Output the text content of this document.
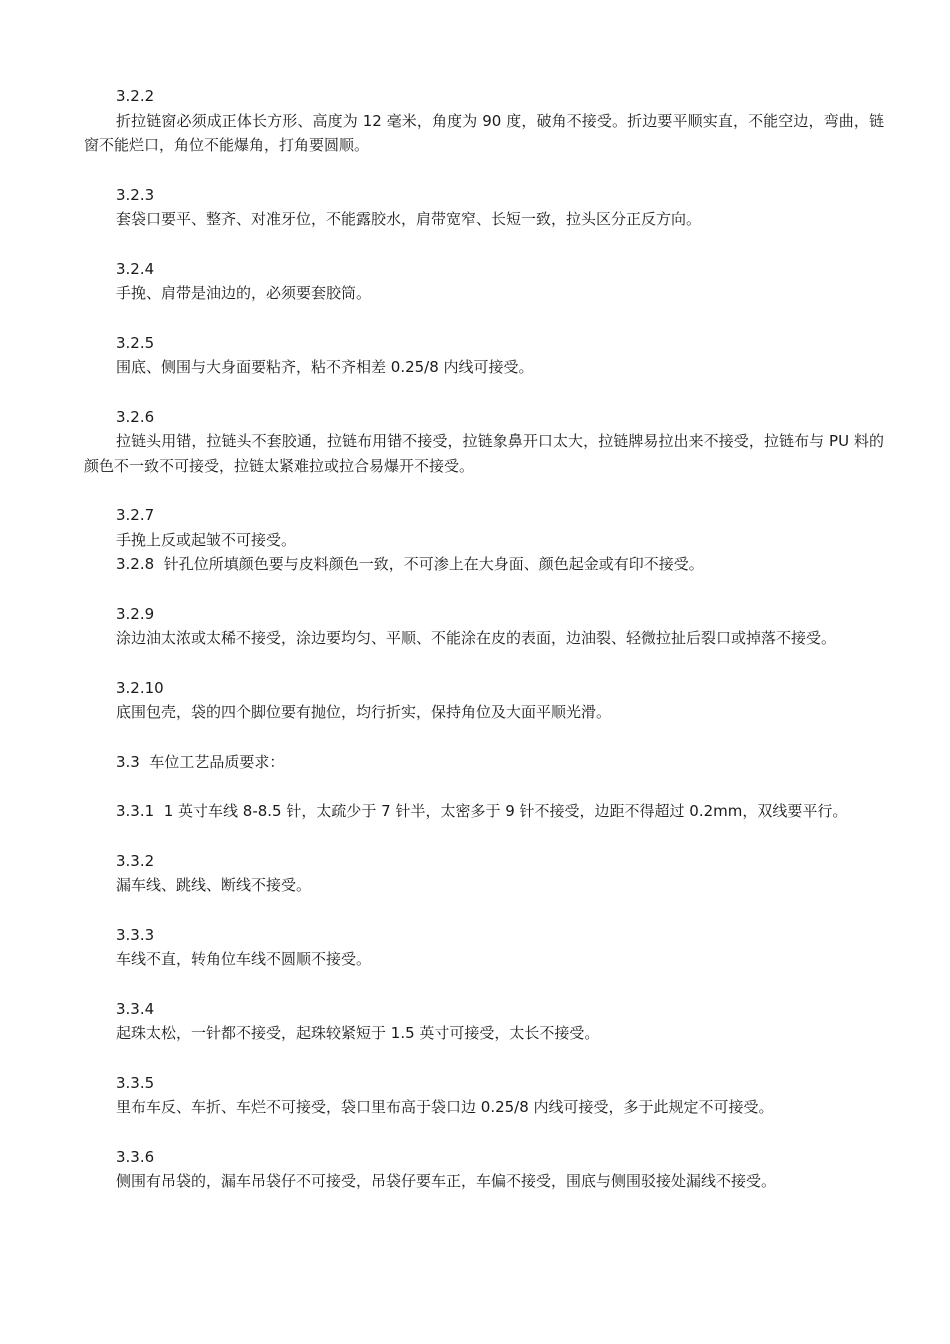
3.2.2

折拉链窗必须成正体长方形、高度为 12 毫米，角度为 90 度，破角不接受。折边要平顺实直，不能空边，弯曲，链窗不能烂口，角位不能爆角，打角要圆顺。

3.2.3

套袋口要平、整齐、对准牙位，不能露胶水，肩带宽窄、长短一致，拉头区分正反方向。

3.2.4

手挽、肩带是油边的，必须要套胶筒。

3.2.5

围底、侧围与大身面要粘齐，粘不齐相差 0.25/8 内线可接受。

3.2.6

拉链头用错，拉链头不套胶通，拉链布用错不接受，拉链象鼻开口太大，拉链牌易拉出来不接受，拉链布与 PU 料的颜色不一致不可接受，拉链太紧难拉或拉合易爆开不接受。

3.2.7

手挽上反或起皱不可接受。

3.2.8  针孔位所填颜色要与皮料颜色一致，不可渗上在大身面、颜色起金或有印不接受。

3.2.9

涂边油太浓或太稀不接受，涂边要均匀、平顺、不能涂在皮的表面，边油裂、轻微拉扯后裂口或掉落不接受。

3.2.10

底围包壳，袋的四个脚位要有抛位，均行折实，保持角位及大面平顺光滑。

3.3  车位工艺品质要求：

3.3.1  1 英寸车线 8-8.5 针，太疏少于 7 针半，太密多于 9 针不接受，边距不得超过 0.2mm，双线要平行。

3.3.2

漏车线、跳线、断线不接受。

3.3.3

车线不直，转角位车线不圆顺不接受。

3.3.4

起珠太松，一针都不接受，起珠较紧短于 1.5 英寸可接受，太长不接受。

3.3.5

里布车反、车折、车烂不可接受，袋口里布高于袋口边 0.25/8 内线可接受，多于此规定不可接受。

3.3.6

侧围有吊袋的，漏车吊袋仔不可接受，吊袋仔要车正，车偏不接受，围底与侧围驳接处漏线不接受。
